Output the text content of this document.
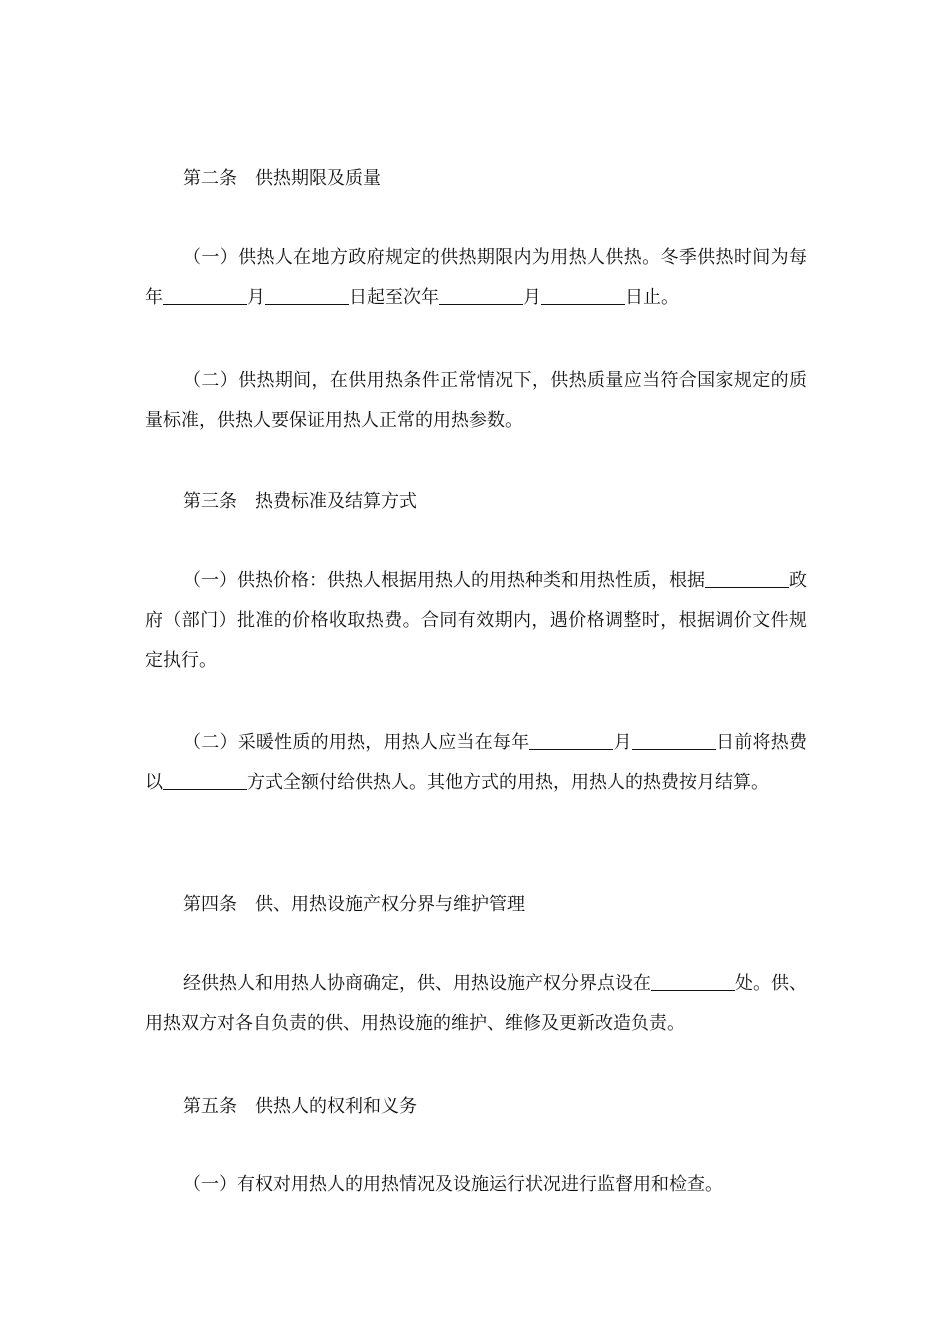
第二条 供热期限及质量
（一）供热人在地方政府规定的供热期限内为用热人供热。冬季供热时间为每年	月	日起至次年	月	日止。
（二）供热期间，在供用热条件正常情况下，供热质量应当符合国家规定的质量标准，供热人要保证用热人正常的用热参数。
第三条 热费标准及结算方式
（一）供热价格：供热人根据用热人的用热种类和用热性质，根据	政府（部门）批准的价格收取热费。合同有效期内，遇价格调整时，根据调价文件规定执行。
（二）采暖性质的用热，用热人应当在每年	月	日前将热费以	方式全额付给供热人。其他方式的用热，用热人的热费按月结算。
第四条 供、用热设施产权分界与维护管理
经供热人和用热人协商确定，供、用热设施产权分界点设在	处。供、用热双方对各自负责的供、用热设施的维护、维修及更新改造负责。
第五条 供热人的权利和义务
（一）有权对用热人的用热情况及设施运行状况进行监督用和检查。
